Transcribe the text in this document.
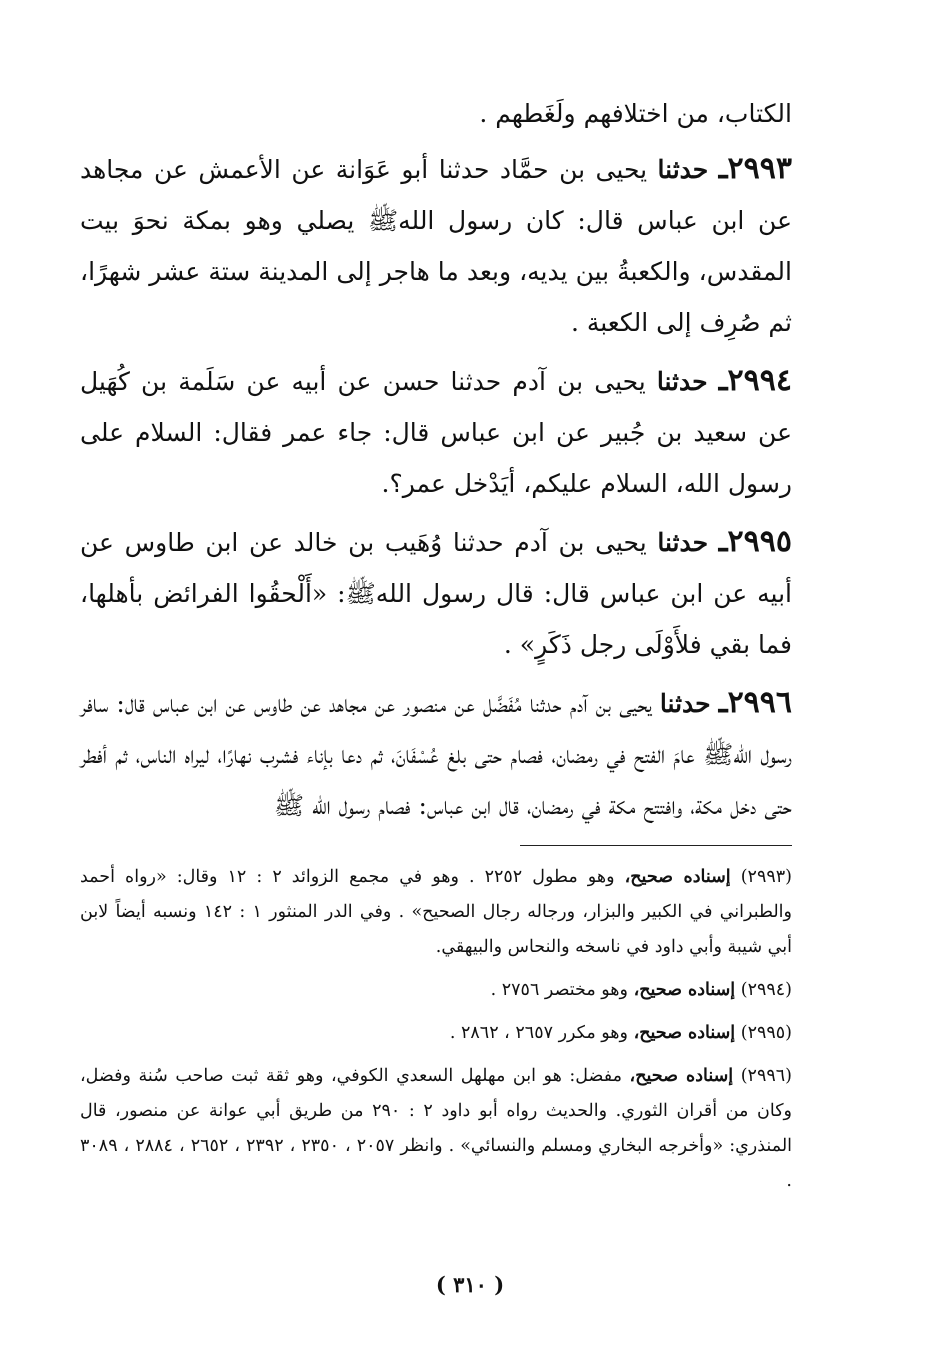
الكتاب، من اختلافهم ولَغَطهم .

٢٩٩٣ـ حدثنا يحيى بن حمَّاد حدثنا أبو عَوَانة عن الأعمش عن مجاهد عن ابن عباس قال: كان رسول اللهﷺ يصلي وهو بمكة نحوَ بيت المقدس، والكعبةُ بين يديه، وبعد ما هاجر إلى المدينة ستة عشر شهرًا، ثم صُرِف إلى الكعبة .

٢٩٩٤ـ حدثنا يحيى بن آدم حدثنا حسن عن أبيه عن سَلَمة بن كُهَيل عن سعيد بن جُبير عن ابن عباس قال: جاء عمر فقال: السلام على رسول الله، السلام عليكم، أيَدْخل عمر؟.

٢٩٩٥ـ حدثنا يحيى بن آدم حدثنا وُهَيب بن خالد عن ابن طاوس عن أبيه عن ابن عباس قال: قال رسول اللهﷺ: «أَلْحقُوا الفرائض بأهلها، فما بقي فلأَوْلَى رجل ذَكَرٍ» .

٢٩٩٦ـ حدثنا يحيى بن آدم حدثنا مُفَضَّل عن منصور عن مجاهد عن طاوس عن ابن عباس قال: سافر رسول اللهﷺ عامَ الفتح في رمضان، فصام حتى بلغ عُسْفَانَ، ثم دعا بإناء فشرب نهارًا، ليراه الناس، ثم أفطر حتى دخل مكة، وافتتح مكة في رمضان، قال ابن عباس: فصام رسول الله ﷺ

(٢٩٩٣) إسناده صحيح، وهو مطول ٢٢٥٢ . وهو في مجمع الزوائد ٢ : ١٢ وقال: «رواه أحمد والطبراني في الكبير والبزار، ورجاله رجال الصحيح» . وفي الدر المنثور ١ : ١٤٢ ونسبه أيضاً لابن أبي شيبة وأبي داود في ناسخه والنحاس والبيهقي.

(٢٩٩٤) إسناده صحيح، وهو مختصر ٢٧٥٦ .

(٢٩٩٥) إسناده صحيح، وهو مكرر ٢٦٥٧ ، ٢٨٦٢ .

(٢٩٩٦) إسناده صحيح، مفضل: هو ابن مهلهل السعدي الكوفي، وهو ثقة ثبت صاحب سُنة وفضل، وكان من أقران الثوري. والحديث رواه أبو داود ٢ : ٢٩٠ من طريق أبي عوانة عن منصور، قال المنذري: «وأخرجه البخاري ومسلم والنسائي» . وانظر ٢٠٥٧ ، ٢٣٥٠ ، ٢٣٩٢ ، ٢٦٥٢ ، ٢٨٨٤ ، ٣٠٨٩ .

( ٣١٠ )
